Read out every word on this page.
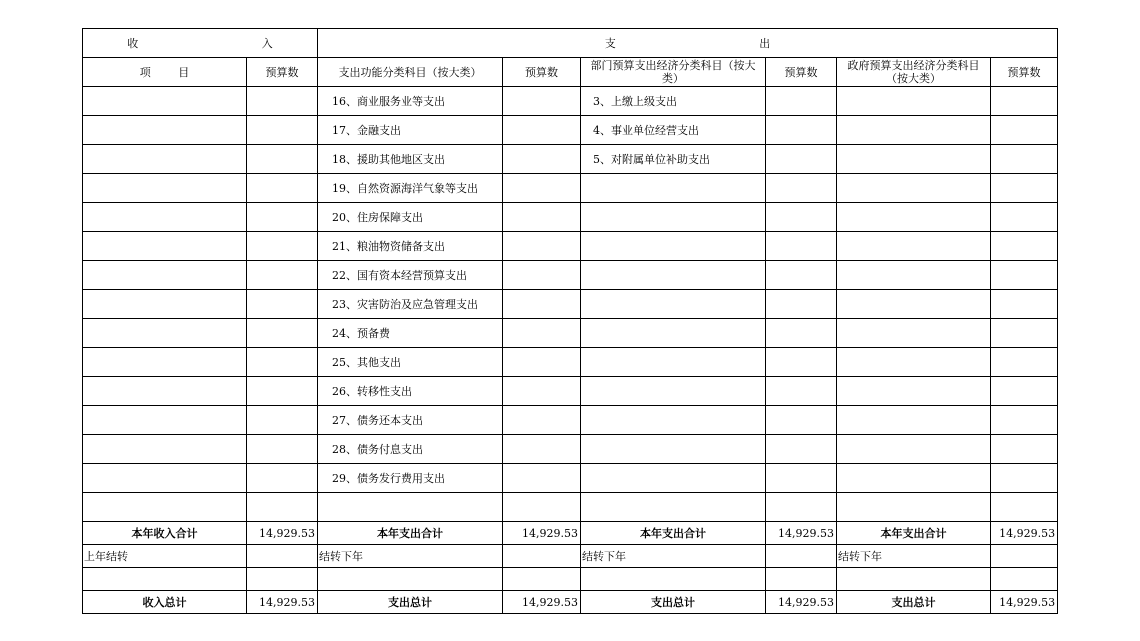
收 入		支 出					
项 目	预算数	支出功能分类科目（按大类）	预算数	部门预算支出经济分类科目（按大类）	预算数	政府预算支出经济分类科目（按大类）	预算数
		16、商业服务业等支出		3、上缴上级支出			
		17、金融支出		4、事业单位经营支出			
		18、援助其他地区支出		5、对附属单位补助支出			
		19、自然资源海洋气象等支出					
		20、住房保障支出					
		21、粮油物资储备支出					
		22、国有资本经营预算支出					
		23、灾害防治及应急管理支出					
		24、预备费					
		25、其他支出					
		26、转移性支出					
		27、债务还本支出					
		28、债务付息支出					
		29、债务发行费用支出					

本年收入合计	14,929.53	本年支出合计	14,929.53	本年支出合计	14,929.53	本年支出合计	14,929.53
上年结转		结转下年		结转下年		结转下年	

收入总计	14,929.53	支出总计	14,929.53	支出总计	14,929.53	支出总计	14,929.53
